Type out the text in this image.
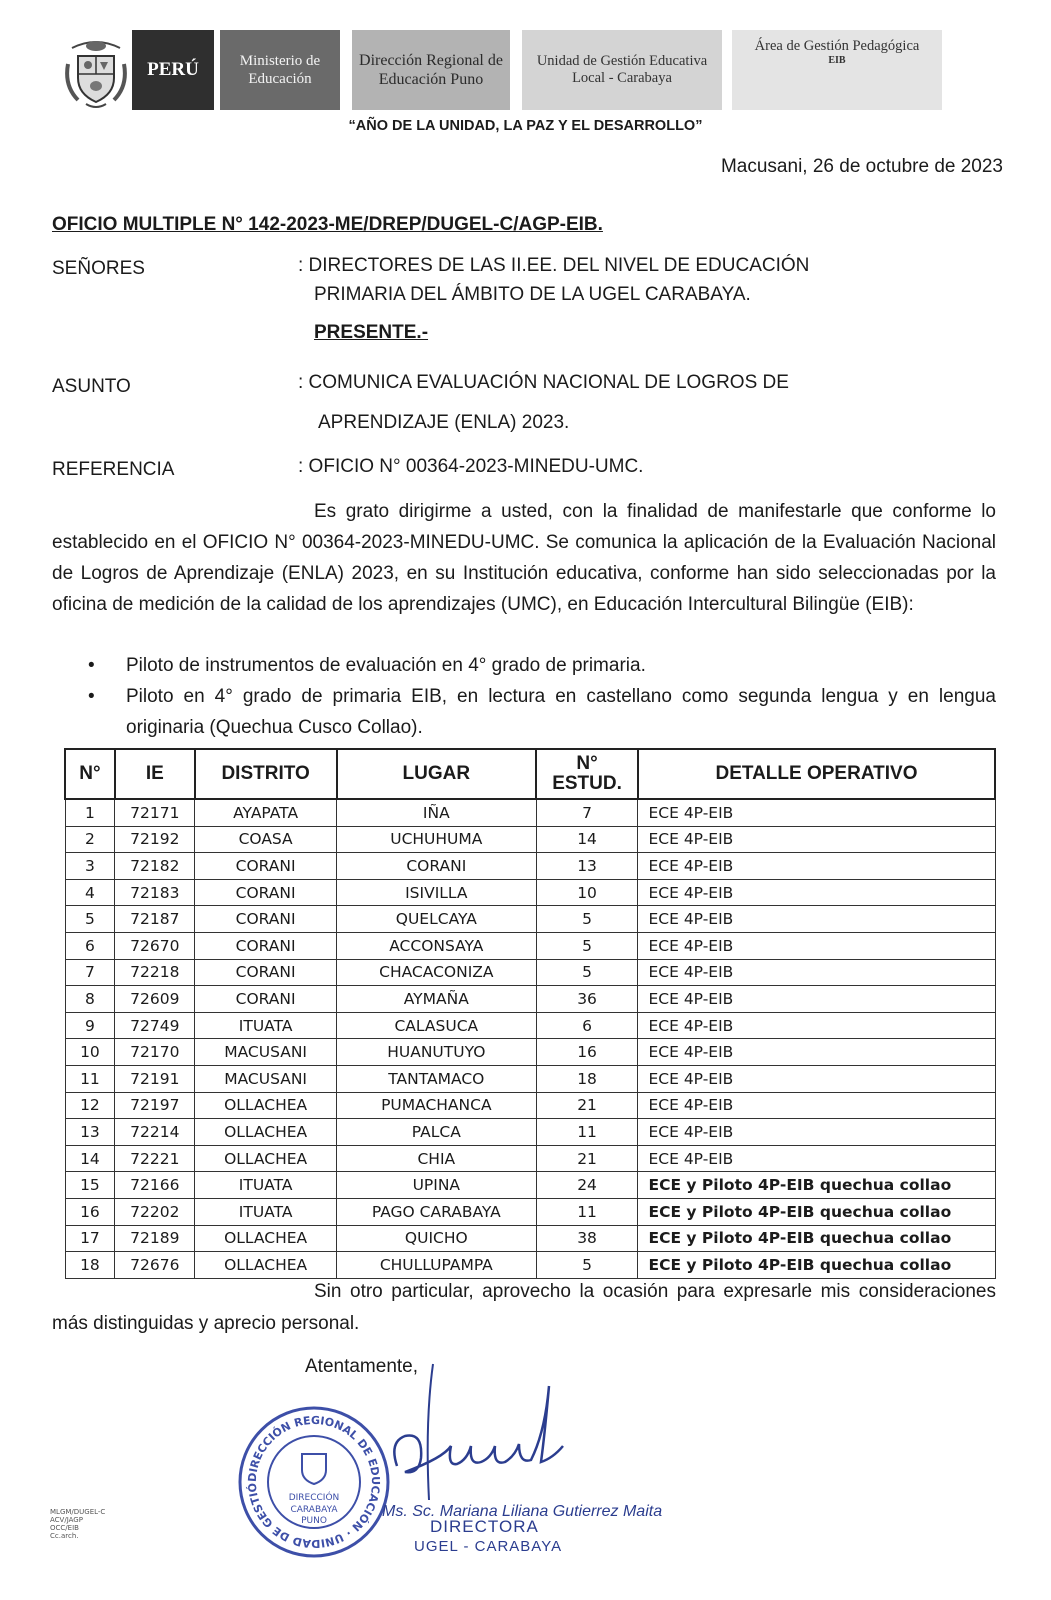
PERÚ	Ministerio de Educación
Dirección Regional de Educación Puno
Unidad de Gestión Educativa Local - Carabaya
Área de Gestión Pedagógica
EIB
“AÑO DE LA UNIDAD, LA PAZ Y EL DESARROLLO”
Macusani, 26 de octubre de 2023
OFICIO MULTIPLE N° 142-2023-ME/DREP/DUGEL-C/AGP-EIB.
SEÑORES	: DIRECTORES DE LAS II.EE. DEL NIVEL DE EDUCACIÓN
PRIMARIA DEL ÁMBITO DE LA UGEL CARABAYA.
PRESENTE.-
ASUNTO	: COMUNICA EVALUACIÓN NACIONAL DE LOGROS DE
APRENDIZAJE (ENLA) 2023.
REFERENCIA	: OFICIO N° 00364-2023-MINEDU-UMC.
Es grato dirigirme a usted, con la finalidad de manifestarle que conforme lo establecido en el OFICIO N° 00364-2023-MINEDU-UMC. Se comunica la aplicación de la Evaluación Nacional de Logros de Aprendizaje (ENLA) 2023, en su Institución educativa, conforme han sido seleccionadas por la oficina de medición de la calidad de los aprendizajes (UMC), en Educación Intercultural Bilingüe (EIB):
• Piloto de instrumentos de evaluación en 4° grado de primaria.
• Piloto en 4° grado de primaria EIB, en lectura en castellano como segunda lengua y en lengua originaria (Quechua Cusco Collao).
N°	IE	DISTRITO	LUGAR	N°
ESTUD.	DETALLE OPERATIVO
1	72171	AYAPATA	IÑA	7	ECE 4P-EIB
2	72192	COASA	UCHUHUMA	14	ECE 4P-EIB
3	72182	CORANI	CORANI	13	ECE 4P-EIB
4	72183	CORANI	ISIVILLA	10	ECE 4P-EIB
5	72187	CORANI	QUELCAYA	5	ECE 4P-EIB
6	72670	CORANI	ACCONSAYA	5	ECE 4P-EIB
7	72218	CORANI	CHACACONIZA	5	ECE 4P-EIB
8	72609	CORANI	AYMAÑA	36	ECE 4P-EIB
9	72749	ITUATA	CALASUCA	6	ECE 4P-EIB
10	72170	MACUSANI	HUANUTUYO	16	ECE 4P-EIB
11	72191	MACUSANI	TANTAMACO	18	ECE 4P-EIB
12	72197	OLLACHEA	PUMACHANCA	21	ECE 4P-EIB
13	72214	OLLACHEA	PALCA	11	ECE 4P-EIB
14	72221	OLLACHEA	CHIA	21	ECE 4P-EIB
15	72166	ITUATA	UPINA	24	ECE y Piloto 4P-EIB quechua collao
16	72202	ITUATA	PAGO CARABAYA	11	ECE y Piloto 4P-EIB quechua collao
17	72189	OLLACHEA	QUICHO	38	ECE y Piloto 4P-EIB quechua collao
18	72676	OLLACHEA	CHULLUPAMPA	5	ECE y Piloto 4P-EIB quechua collao
Sin otro particular, aprovecho la ocasión para expresarle mis consideraciones más distinguidas y aprecio personal.
Atentamente,
DIRECCIÓN REGIONAL DE EDUCACIÓN · UNIDAD DE GESTIÓ
DIRECCIÓN
CARABAYA
PUNO
Ms. Sc. Mariana Liliana Gutierrez Maita
DIRECTORA
UGEL - CARABAYA
MLGM/DUGEL-C
ACV/JAGP
OCC/EIB
Cc.arch.
